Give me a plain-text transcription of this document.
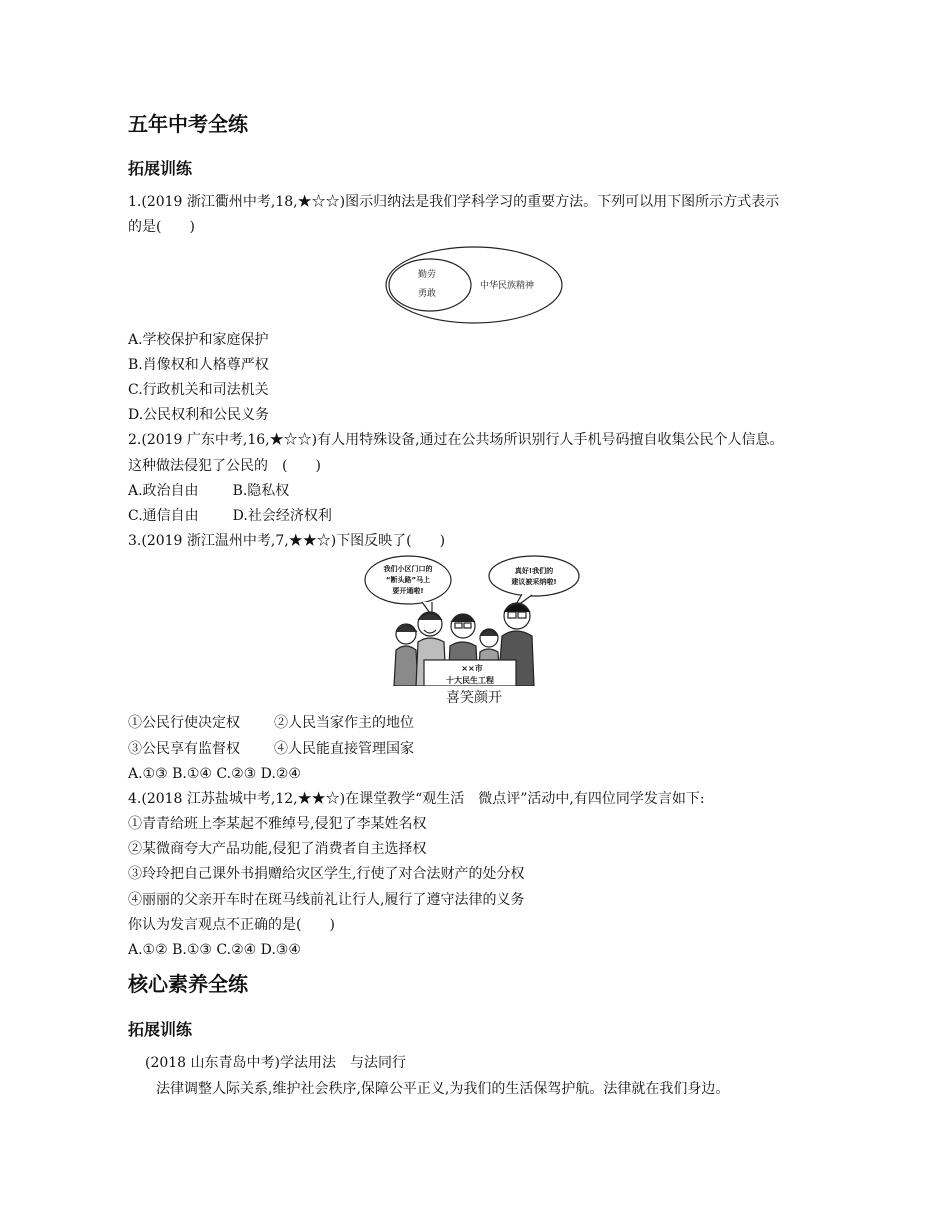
五年中考全练
拓展训练
1.(2019 浙江衢州中考,18,★☆☆)图示归纳法是我们学科学习的重要方法。下列可以用下图所示方式表示
的是(　　)
勤劳
勇敢
中华民族精神
A.学校保护和家庭保护
B.肖像权和人格尊严权
C.行政机关和司法机关
D.公民权利和公民义务
2.(2019 广东中考,16,★☆☆)有人用特殊设备,通过在公共场所识别行人手机号码擅自收集公民个人信息。
这种做法侵犯了公民的　(　　)
A.政治自由 B.隐私权
C.通信自由 D.社会经济权利
3.(2019 浙江温州中考,7,★★☆)下图反映了(　　)
我们小区门口的
“断头路”马上
要开通啦!
真好!我们的
建议被采纳啦!
××市
十大民生工程
喜笑颜开
①公民行使决定权 ②人民当家作主的地位
③公民享有监督权 ④人民能直接管理国家
A.①③ B.①④ C.②③ D.②④
4.(2018 江苏盐城中考,12,★★☆)在课堂教学“观生活　微点评”活动中,有四位同学发言如下:
①青青给班上李某起不雅绰号,侵犯了李某姓名权
②某微商夸大产品功能,侵犯了消费者自主选择权
③玲玲把自己课外书捐赠给灾区学生,行使了对合法财产的处分权
④丽丽的父亲开车时在斑马线前礼让行人,履行了遵守法律的义务
你认为发言观点不正确的是(　　)
A.①② B.①③ C.②④ D.③④
核心素养全练
拓展训练
(2018 山东青岛中考)学法用法　与法同行
法律调整人际关系,维护社会秩序,保障公平正义,为我们的生活保驾护航。法律就在我们身边。
